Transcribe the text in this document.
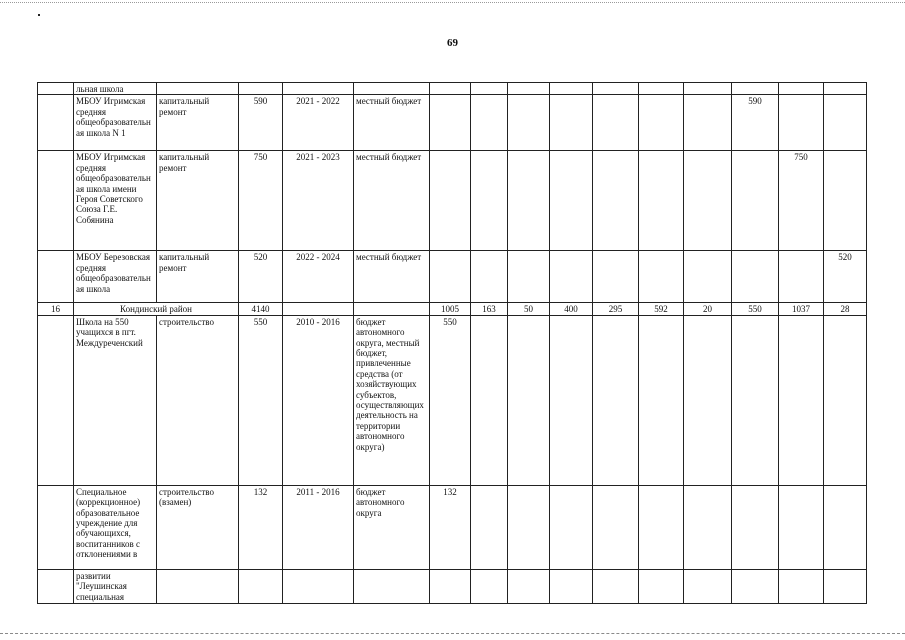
69
	льная школа															
	МБОУ Игримская средняя общеобразовательная школа N 1	капитальный ремонт	590	2021 - 2022	местный бюджет								590			
	МБОУ Игримская средняя общеобразовательная школа имени Героя Советского Союза Г.Е. Собянина	капитальный ремонт	750	2021 - 2023	местный бюджет									750		
	МБОУ Березовская средняя общеобразовательная школа	капитальный ремонт	520	2022 - 2024	местный бюджет										520	
16	Кондинский район		4140			1005	163	50	400	295	592	20	550	1037	28	
	Школа на 550 учащихся в пгт. Междуреченский	строительство	550	2010 - 2016	бюджет автономного округа, местный бюджет, привлеченные средства (от хозяйствующих субъектов, осуществляющих деятельность на территории автономного округа)	550										
	Специальное (коррекционное) образовательное учреждение для обучающихся, воспитанников с отклонениями в	строительство (взамен)	132	2011 - 2016	бюджет автономного округа	132										
	развитии "Леушинская специальная															
